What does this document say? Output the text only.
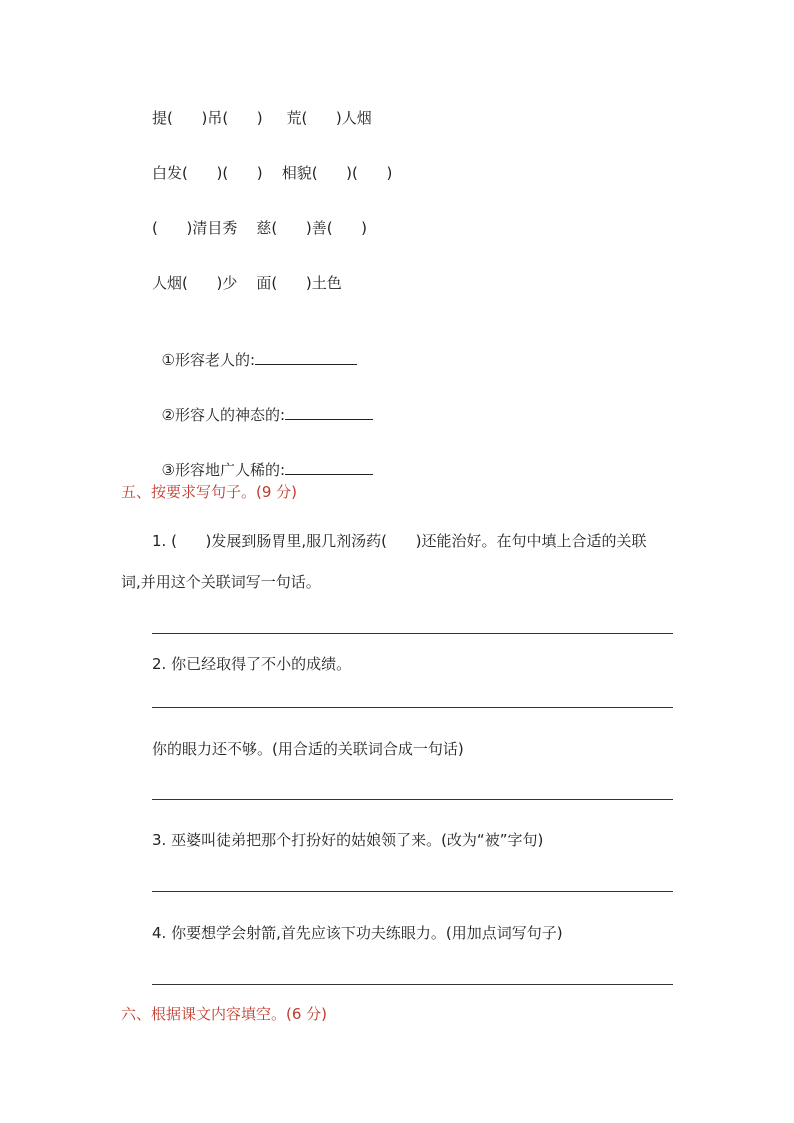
提(      )吊(      )     荒(      )人烟
白发(      )(      )    相貌(      )(      )
(      )清目秀    慈(      )善(      )
人烟(      )少    面(      )土色

①形容老人的:

②形容人的神态的:

③形容地广人稀的:

五、按要求写句子。(9 分)
1. (      )发展到肠胃里,服几剂汤药(      )还能治好。在句中填上合适的关联
词,并用这个关联词写一句话。
2. 你已经取得了不小的成绩。
你的眼力还不够。(用合适的关联词合成一句话)
3. 巫婆叫徒弟把那个打扮好的姑娘领了来。(改为“被”字句)
4. 你要想学会射箭,首先应该下功夫练眼力。(用加点词写句子)
六、根据课文内容填空。(6 分)
